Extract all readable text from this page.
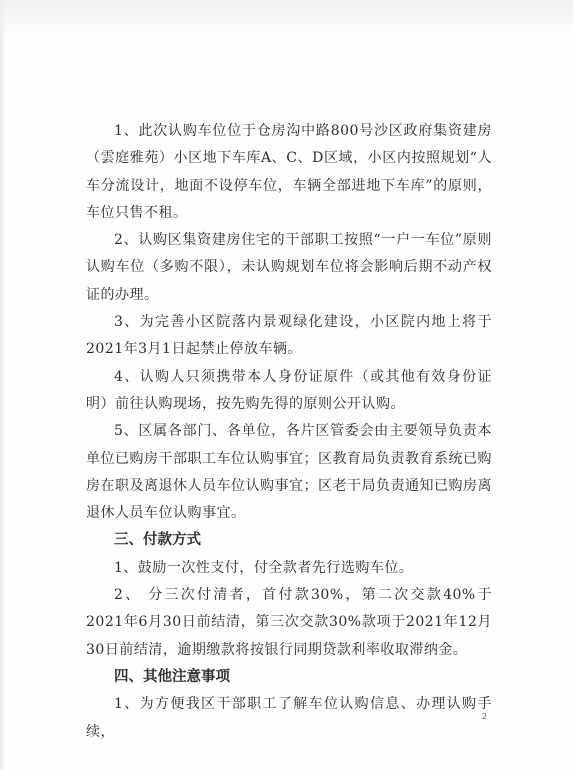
1、此次认购车位位于仓房沟中路800号沙区政府集资建房（雲庭雅苑）小区地下车库A、C、D区域，小区内按照规划“人车分流设计，地面不设停车位，车辆全部进地下车库”的原则，车位只售不租。

2、认购区集资建房住宅的干部职工按照“一户一车位”原则认购车位（多购不限），未认购规划车位将会影响后期不动产权证的办理。

3、为完善小区院落内景观绿化建设，小区院内地上将于2021年3月1日起禁止停放车辆。

4、认购人只须携带本人身份证原件（或其他有效身份证明）前往认购现场，按先购先得的原则公开认购。

5、区属各部门、各单位，各片区管委会由主要领导负责本单位已购房干部职工车位认购事宜；区教育局负责教育系统已购房在职及离退休人员车位认购事宜；区老干局负责通知已购房离退休人员车位认购事宜。

三、付款方式

1、鼓励一次性支付，付全款者先行选购车位。

2、 分三次付清者，首付款30%，第二次交款40%于2021年6月30日前结清，第三次交款30%款项于2021年12月30日前结清，逾期缴款将按银行同期贷款利率收取滞纳金。

四、其他注意事项

1、为方便我区干部职工了解车位认购信息、办理认购手续，

2
